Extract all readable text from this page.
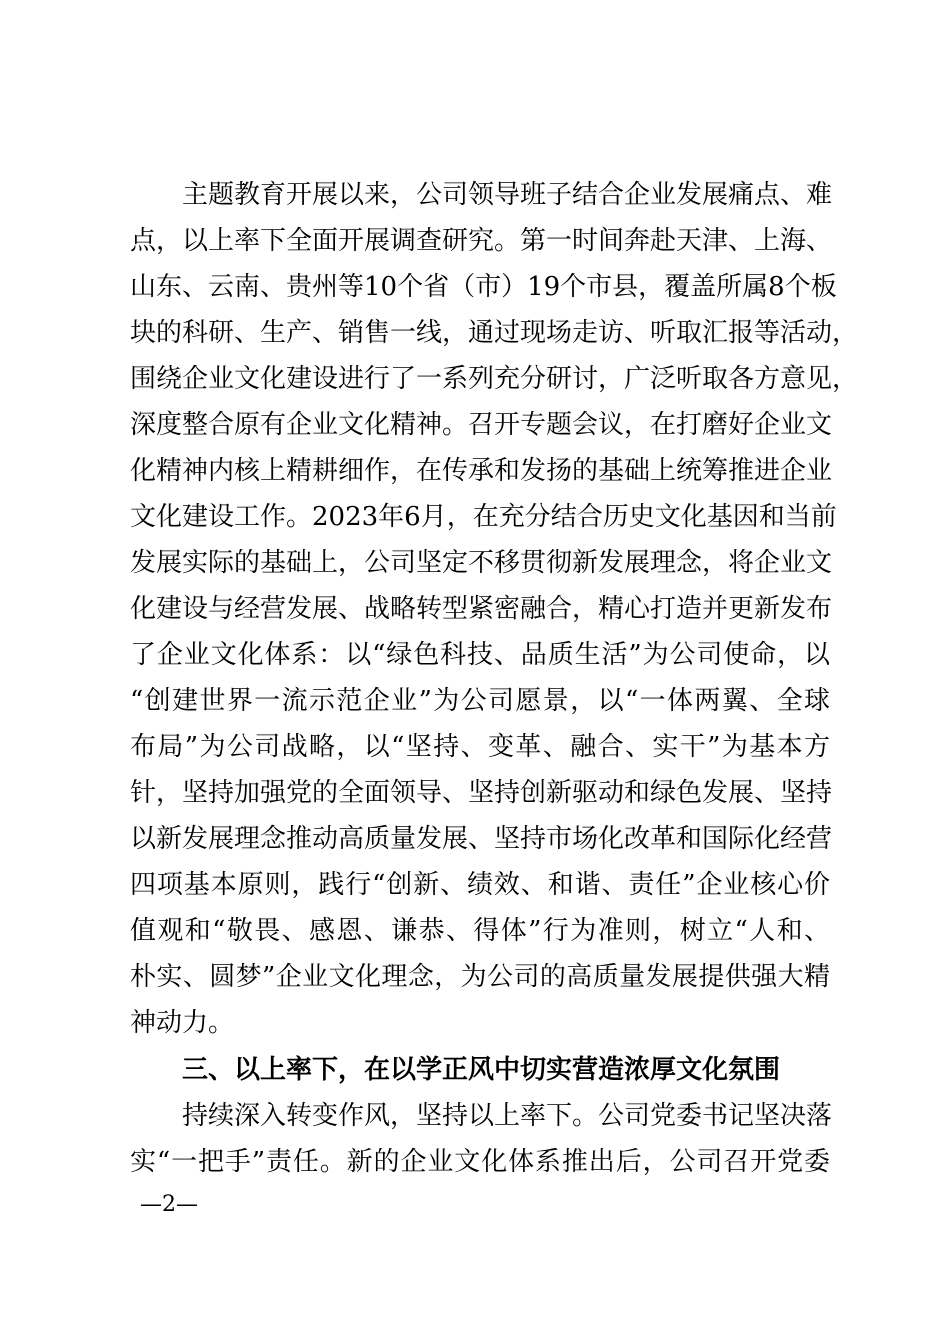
主题教育开展以来，公司领导班子结合企业发展痛点、难
点，以上率下全面开展调查研究。第一时间奔赴天津、上海、
山东、云南、贵州等10个省（市）19个市县，覆盖所属8个板
块的科研、生产、销售一线，通过现场走访、听取汇报等活动，
围绕企业文化建设进行了一系列充分研讨，广泛听取各方意见，
深度整合原有企业文化精神。召开专题会议，在打磨好企业文
化精神内核上精耕细作，在传承和发扬的基础上统筹推进企业
文化建设工作。2023年6月，在充分结合历史文化基因和当前
发展实际的基础上，公司坚定不移贯彻新发展理念，将企业文
化建设与经营发展、战略转型紧密融合，精心打造并更新发布
了企业文化体系：以“绿色科技、品质生活”为公司使命，以
“创建世界一流示范企业”为公司愿景，以“一体两翼、全球
布局”为公司战略，以“坚持、变革、融合、实干”为基本方
针，坚持加强党的全面领导、坚持创新驱动和绿色发展、坚持
以新发展理念推动高质量发展、坚持市场化改革和国际化经营
四项基本原则，践行“创新、绩效、和谐、责任”企业核心价
值观和“敬畏、感恩、谦恭、得体”行为准则，树立“人和、
朴实、圆梦”企业文化理念，为公司的高质量发展提供强大精
神动力。
三、以上率下，在以学正风中切实营造浓厚文化氛围
持续深入转变作风，坚持以上率下。公司党委书记坚决落
实“一把手”责任。新的企业文化体系推出后，公司召开党委
—2—
